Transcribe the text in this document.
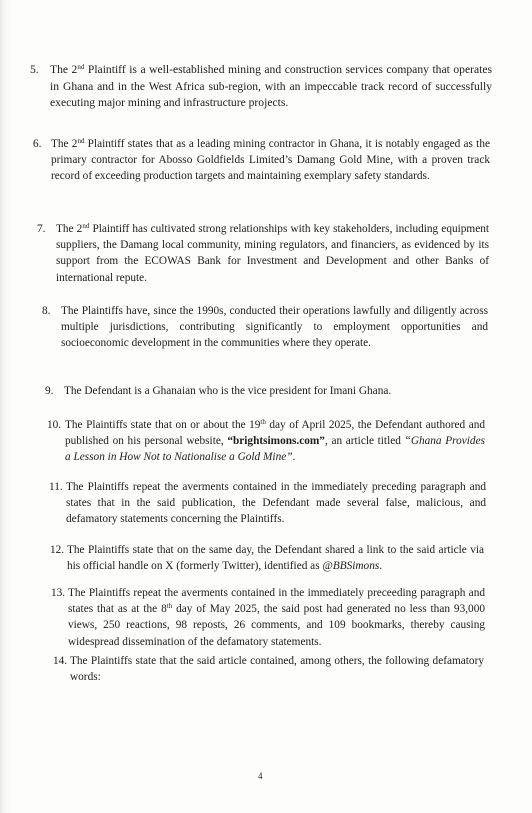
5. The 2nd Plaintiff is a well-established mining and construction services company that operates in Ghana and in the West Africa sub-region, with an impeccable track record of successfully executing major mining and infrastructure projects.
6. The 2nd Plaintiff states that as a leading mining contractor in Ghana, it is notably engaged as the primary contractor for Abosso Goldfields Limited’s Damang Gold Mine, with a proven track record of exceeding production targets and maintaining exemplary safety standards.
7. The 2nd Plaintiff has cultivated strong relationships with key stakeholders, including equipment suppliers, the Damang local community, mining regulators, and financiers, as evidenced by its support from the ECOWAS Bank for Investment and Development and other Banks of international repute.
8. The Plaintiffs have, since the 1990s, conducted their operations lawfully and diligently across multiple jurisdictions, contributing significantly to employment opportunities and socioeconomic development in the communities where they operate.
9. The Defendant is a Ghanaian who is the vice president for Imani Ghana.
10. The Plaintiffs state that on or about the 19th day of April 2025, the Defendant authored and published on his personal website, “brightsimons.com”, an article titled “Ghana Provides a Lesson in How Not to Nationalise a Gold Mine”.
11. The Plaintiffs repeat the averments contained in the immediately preceding paragraph and states that in the said publication, the Defendant made several false, malicious, and defamatory statements concerning the Plaintiffs.
12. The Plaintiffs state that on the same day, the Defendant shared a link to the said article via his official handle on X (formerly Twitter), identified as @BBSimons.
13. The Plaintiffs repeat the averments contained in the immediately preceeding paragraph and states that as at the 8th day of May 2025, the said post had generated no less than 93,000 views, 250 reactions, 98 reposts, 26 comments, and 109 bookmarks, thereby causing widespread dissemination of the defamatory statements.
14. The Plaintiffs state that the said article contained, among others, the following defamatory words:
4
